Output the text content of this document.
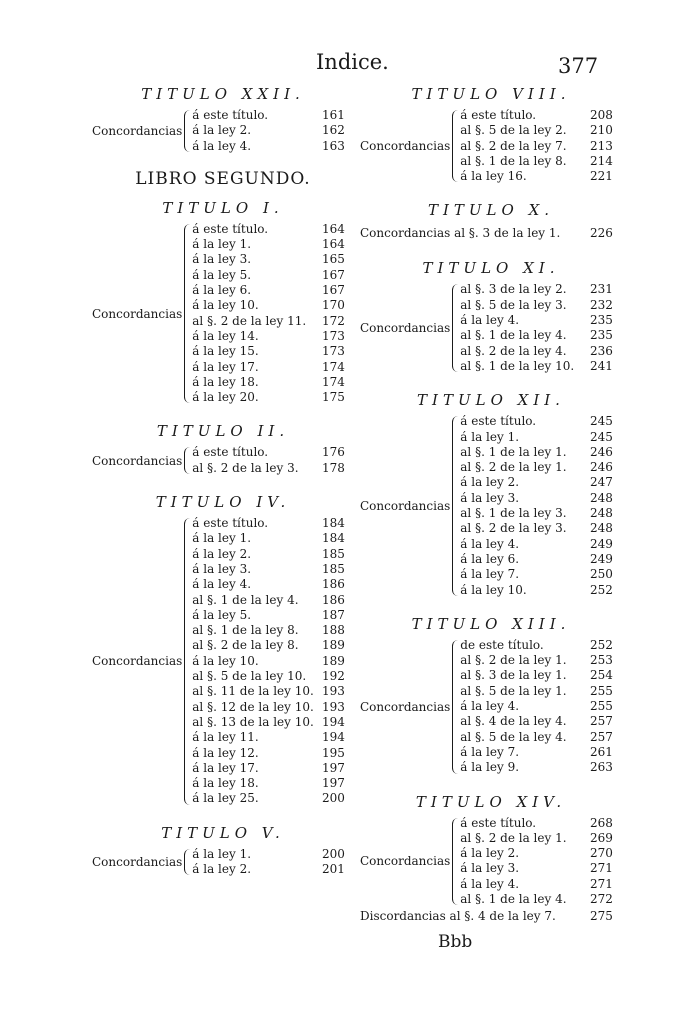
Indice.	377
TITULO XXII.
Concordancias
á este título.	161
á la ley 2.	162
á la ley 4.	163
LIBRO SEGUNDO.
TITULO I.
Concordancias
á este título.	164
á la ley 1.	164
á la ley 3.	165
á la ley 5.	167
á la ley 6.	167
á la ley 10.	170
al §. 2 de la ley 11. 172
á la ley 14.	173
á la ley 15.	173
á la ley 17.	174
á la ley 18.	174
á la ley 20.	175
TITULO II.
Concordancias
á este título.	176
al §. 2 de la ley 3. 178
TITULO IV.
Concordancias
á este título.	184
á la ley 1.	184
á la ley 2.	185
á la ley 3.	185
á la ley 4.	186
al §. 1 de la ley 4. 186
á la ley 5.	187
al §. 1 de la ley 8. 188
al §. 2 de la ley 8. 189
á la ley 10.	189
al §. 5 de la ley 10. 192
al §. 11 de la ley 10. 193
al §. 12 de la ley 10. 193
al §. 13 de la ley 10. 194
á la ley 11.	194
á la ley 12.	195
á la ley 17.	197
á la ley 18.	197
á la ley 25.	200
TITULO V.
Concordancias
á la ley 1.	200
á la ley 2.	201
TITULO VIII.
Concordancias
á este título.	208
al §. 5 de la ley 2. 210
al §. 2 de la ley 7. 213
al §. 1 de la ley 8. 214
á la ley 16.	221
TITULO X.
Concordancias al §. 3 de la ley 1. 226
TITULO XI.
Concordancias
al §. 3 de la ley 2. 231
al §. 5 de la ley 3. 232
á la ley 4.	235
al §. 1 de la ley 4. 235
al §. 2 de la ley 4. 236
al §. 1 de la ley 10. 241
TITULO XII.
Concordancias
á este título.	245
á la ley 1.	245
al §. 1 de la ley 1. 246
al §. 2 de la ley 1. 246
á la ley 2.	247
á la ley 3.	248
al §. 1 de la ley 3. 248
al §. 2 de la ley 3. 248
á la ley 4.	249
á la ley 6.	249
á la ley 7.	250
á la ley 10.	252
TITULO XIII.
Concordancias
de este título.	252
al §. 2 de la ley 1. 253
al §. 3 de la ley 1. 254
al §. 5 de la ley 1. 255
á la ley 4.	255
al §. 4 de la ley 4. 257
al §. 5 de la ley 4. 257
á la ley 7.	261
á la ley 9.	263
TITULO XIV.
Concordancias
á este título.	268
al §. 2 de la ley 1. 269
á la ley 2.	270
á la ley 3.	271
á la ley 4.	271
al §. 1 de la ley 4. 272
Discordancias al §. 4 de la ley 7.	275
Bbb
